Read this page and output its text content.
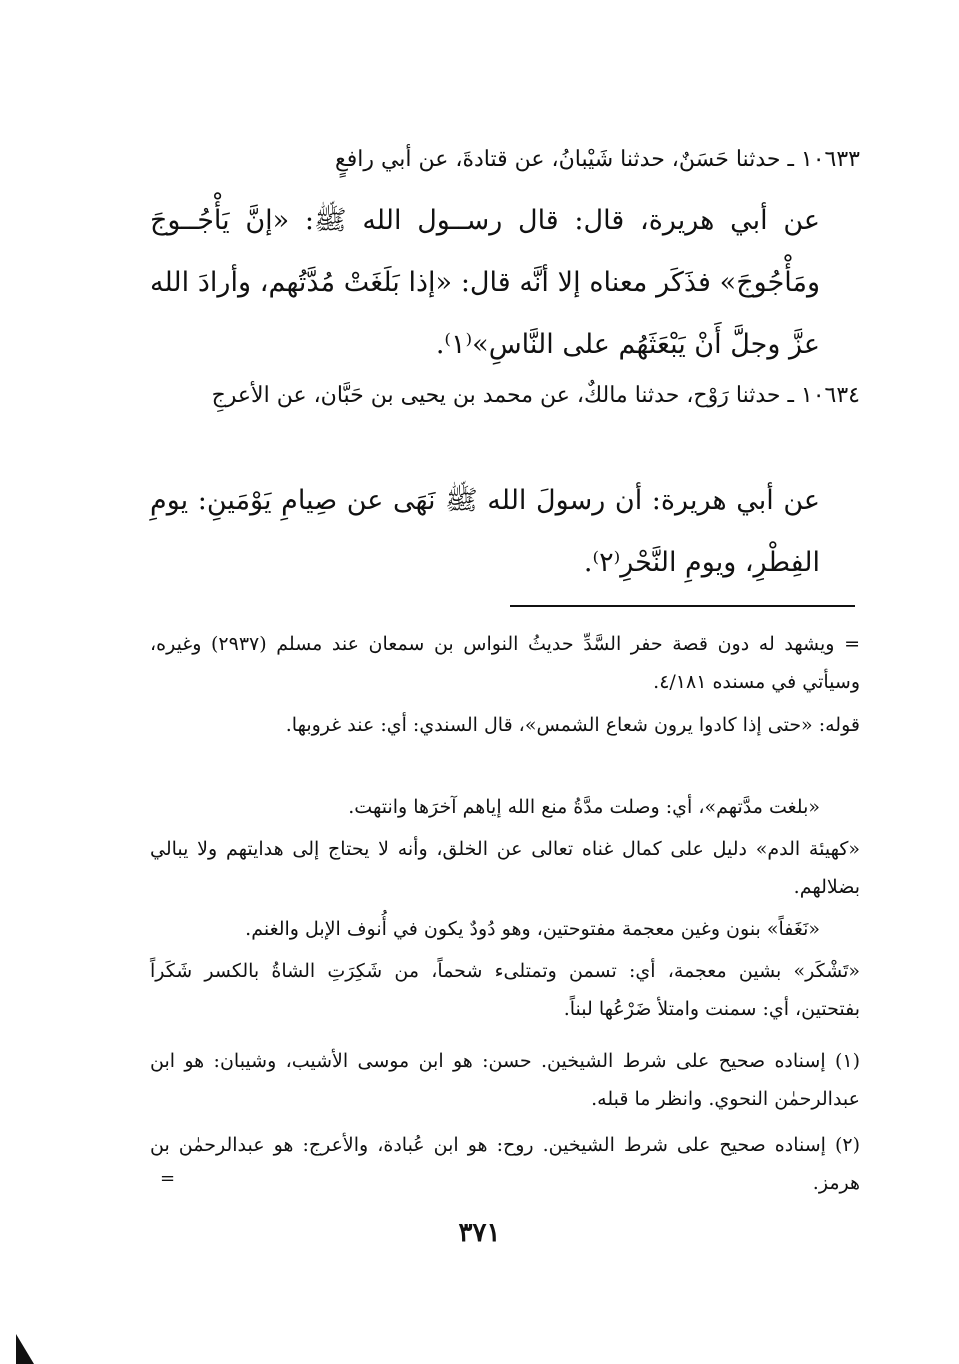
١٠٦٣٣ ـ حدثنا حَسَنٌ، حدثنا شَيْبانُ، عن قتادةَ، عن أبي رافعٍ
عن أبي هريرة، قال: قال رســول الله ﷺ: «إنَّ يَأْجُــوجَ ومَأْجُوجَ» فذَكَر معناه إلا أنَّه قال: «إذا بَلَغَتْ مُدَّتُهم، وأرادَ الله عزَّ وجلَّ أَنْ يَبْعَثَهُم على النَّاسِ»⁽١⁾.
١٠٦٣٤ ـ حدثنا رَوْح، حدثنا مالكٌ، عن محمد بن يحيى بن حَبَّان، عن الأعرجِ
عن أبي هريرة: أن رسولَ الله ﷺ نَهَى عن صِيامِ يَوْمَينِ: يومِ الفِطْرِ، ويومِ النَّحْرِ⁽٢⁾.
= ويشهد له دون قصة حفر السَّدِّ حديثُ النواس بن سمعان عند مسلم (٢٩٣٧) وغيره، وسيأتي في مسنده ٤/١٨١.
قوله: «حتى إذا كادوا يرون شعاع الشمس»، قال السندي: أي: عند غروبها.
«بلغت مدَّتهم»، أي: وصلت مدَّةُ منع الله إياهم آخرَها وانتهت.
«كهيئة الدم» دليل على كمال غناه تعالى عن الخلق، وأنه لا يحتاج إلى هدايتهم ولا يبالي بضلالهم.
«نَغَفاً» بنون وغين معجمة مفتوحتين، وهو دُودٌ يكون في أُنوف الإبل والغنم.
«تَشْكَر» بشين معجمة، أي: تسمن وتمتلىء شحماً، من شَكِرَتِ الشاةُ بالكسر شَكَراً بفتحتين، أي: سمنت وامتلأ ضَرْعُها لبناً.
(١) إسناده صحيح على شرط الشيخين. حسن: هو ابن موسى الأشيب، وشيبان: هو ابن عبدالرحمٰن النحوي. وانظر ما قبله.
(٢) إسناده صحيح على شرط الشيخين. روح: هو ابن عُبادة، والأعرج: هو عبدالرحمٰن بن هرمز.
=
٣٧١
